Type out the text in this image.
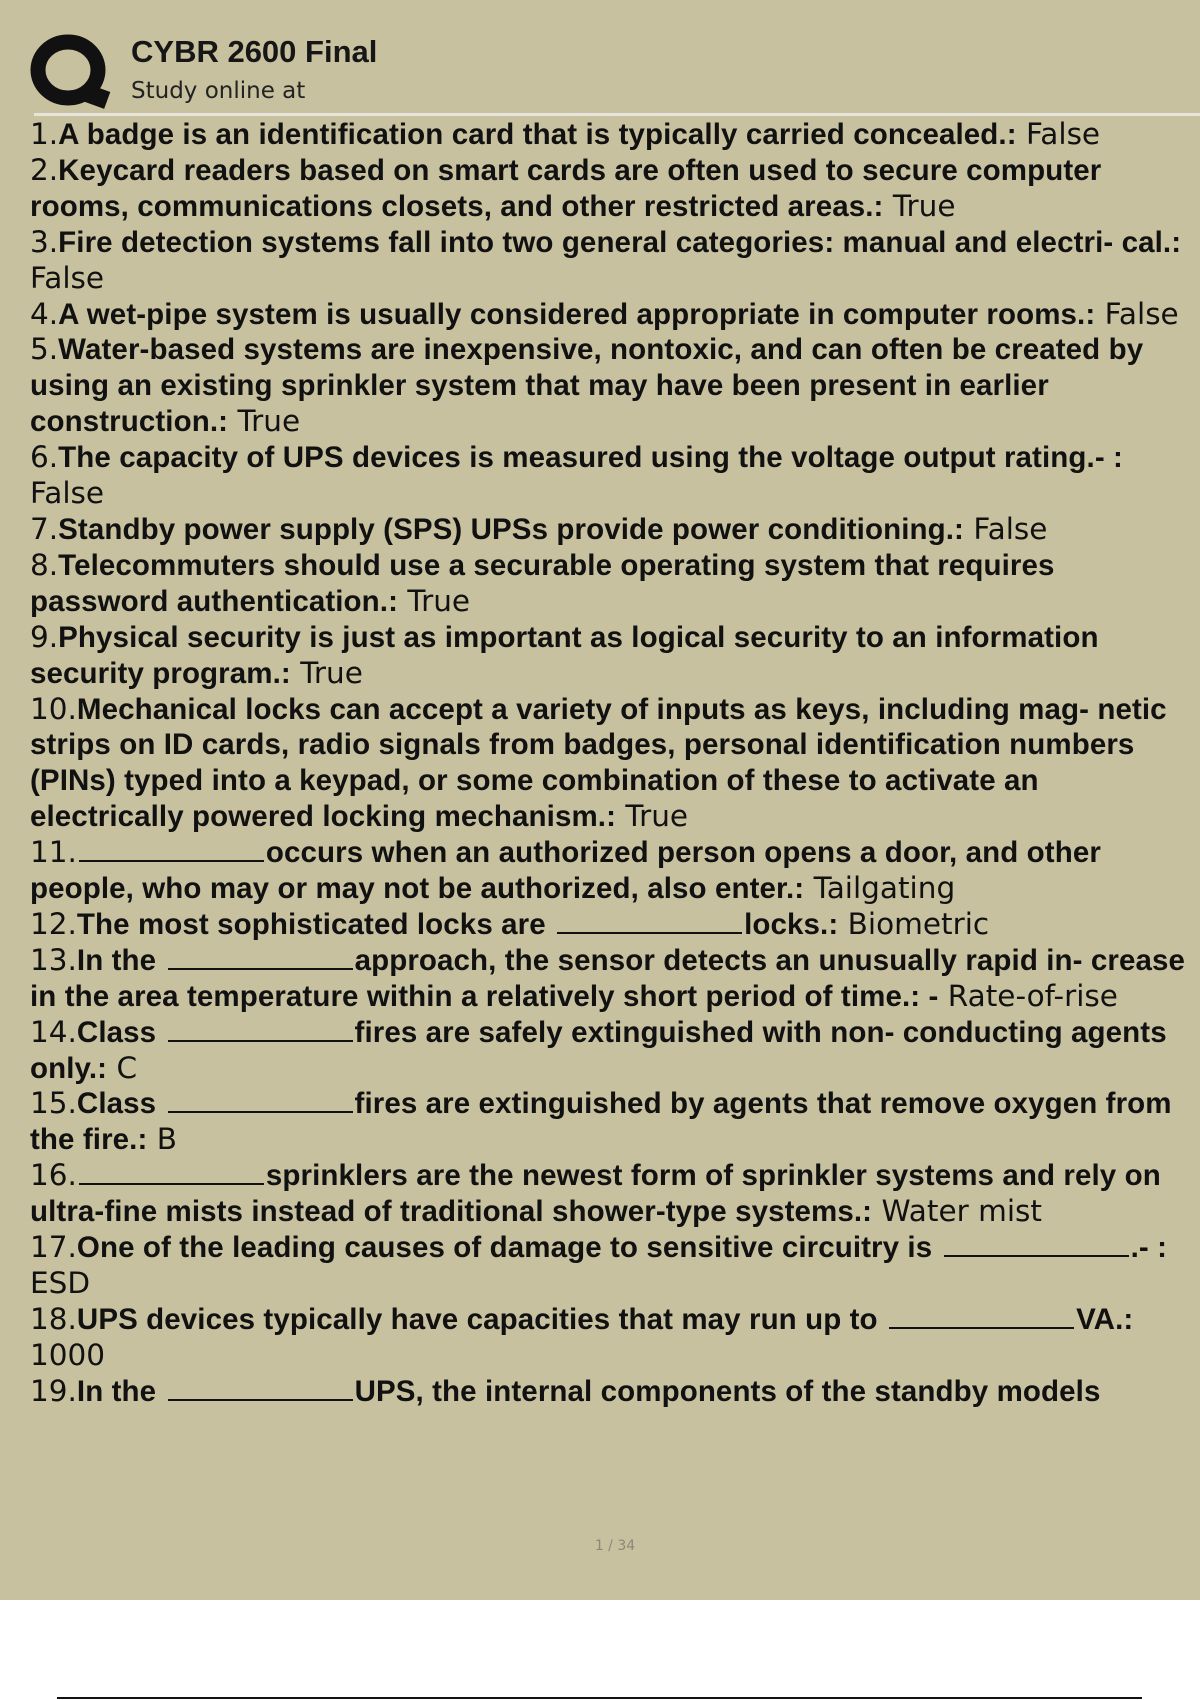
CYBR 2600 Final
Study online at

1.A badge is an identification card that is typically carried concealed.: False

2.Keycard readers based on smart cards are often used to secure computer rooms, communications closets, and other restricted areas.: True

3.Fire detection systems fall into two general categories: manual and electri- cal.: False

4.A wet-pipe system is usually considered appropriate in computer rooms.: False

5.Water-based systems are inexpensive, nontoxic, and can often be created by using an existing sprinkler system that may have been present in earlier construction.: True

6.The capacity of UPS devices is measured using the voltage output rating.- : False

7.Standby power supply (SPS) UPSs provide power conditioning.: False

8.Telecommuters should use a securable operating system that requires password authentication.: True

9.Physical security is just as important as logical security to an information security program.: True

10.Mechanical locks can accept a variety of inputs as keys, including mag- netic strips on ID cards, radio signals from badges, personal identification numbers (PINs) typed into a keypad, or some combination of these to activate an electrically powered locking mechanism.: True

11.	occurs when an authorized person opens a door, and other people, who may or may not be authorized, also enter.: Tailgating

12.The most sophisticated locks are	locks.: Biometric

13.In the	approach, the sensor detects an unusually rapid in- crease in the area temperature within a relatively short period of time.: - Rate-of-rise

14.Class	fires are safely extinguished with non- conducting agents only.: C

15.Class	fires are extinguished by agents that remove oxygen from the fire.: B

16.	sprinklers are the newest form of sprinkler systems and rely on ultra-fine mists instead of traditional shower-type systems.: Water mist

17.One of the leading causes of damage to sensitive circuitry is	.- : ESD

18.UPS devices typically have capacities that may run up to	VA.: 1000

19.In the	UPS, the internal components of the standby models

1 / 34
